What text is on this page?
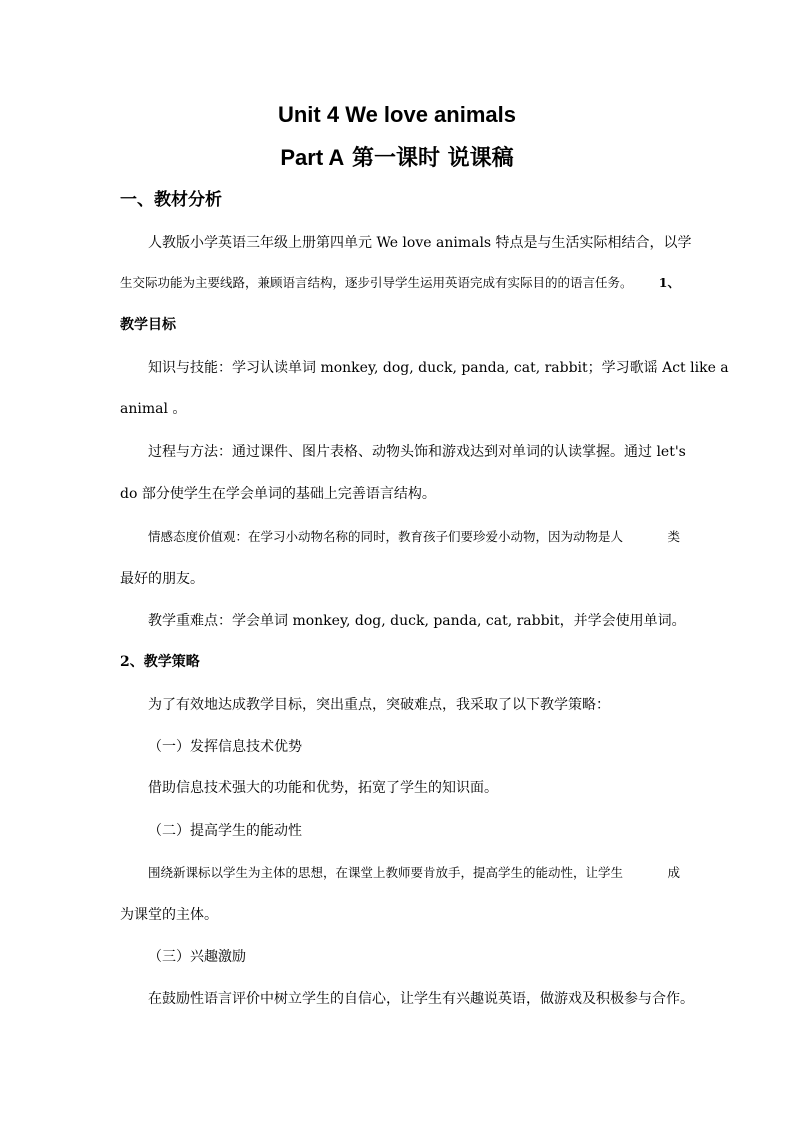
Unit 4 We love animals
Part A 第一课时 说课稿
一、教材分析
人教版小学英语三年级上册第四单元 We love animals 特点是与生活实际相结合，以学
生交际功能为主要线路，兼顾语言结构，逐步引导学生运用英语完成有实际目的的语言任务。 1、
教学目标
知识与技能：学习认读单词 monkey, dog, duck, panda, cat, rabbit；学习歌谣 Act like a
animal 。
过程与方法：通过课件、图片表格、动物头饰和游戏达到对单词的认读掌握。通过 let's
do 部分使学生在学会单词的基础上完善语言结构。
情感态度价值观：在学习小动物名称的同时，教育孩子们要珍爱小动物，因为动物是人	类
最好的朋友。
教学重难点：学会单词 monkey, dog, duck, panda, cat, rabbit，并学会使用单词。
2、教学策略
为了有效地达成教学目标，突出重点，突破难点，我采取了以下教学策略：
（一）发挥信息技术优势
借助信息技术强大的功能和优势，拓宽了学生的知识面。
（二）提高学生的能动性
围绕新课标以学生为主体的思想，在课堂上教师要肯放手，提高学生的能动性，让学生	成
为课堂的主体。
（三）兴趣激励
在鼓励性语言评价中树立学生的自信心，让学生有兴趣说英语，做游戏及积极参与合作。
